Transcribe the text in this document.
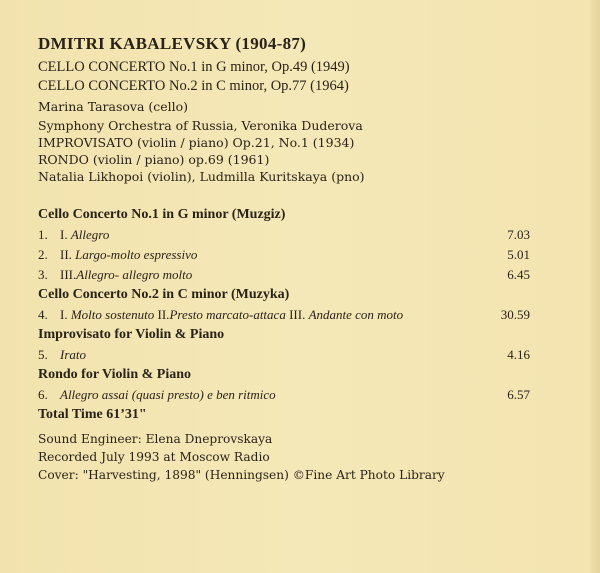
DMITRI KABALEVSKY (1904-87)

CELLO CONCERTO No.1 in G minor, Op.49 (1949)

CELLO CONCERTO No.2 in C minor, Op.77 (1964)

Marina Tarasova (cello)

Symphony Orchestra of Russia, Veronika Duderova

IMPROVISATO (violin / piano) Op.21, No.1 (1934)

RONDO (violin / piano) op.69 (1961)

Natalia Likhopoi (violin), Ludmilla Kuritskaya (pno)

Cello Concerto No.1 in G minor (Muzgiz)

1. I. Allegro	7.03
2. II. Largo-molto espressivo	5.01
3. III.Allegro- allegro molto	6.45

Cello Concerto No.2 in C minor (Muzyka)

4. I. Molto sostenuto II.Presto marcato-attaca III. Andante con moto	30.59

Improvisato for Violin & Piano

5. Irato	4.16

Rondo for Violin & Piano

6. Allegro assai (quasi presto) e ben ritmico	6.57

Total Time 61’31"

Sound Engineer: Elena Dneprovskaya

Recorded July 1993 at Moscow Radio

Cover: "Harvesting, 1898" (Henningsen) ©Fine Art Photo Library
